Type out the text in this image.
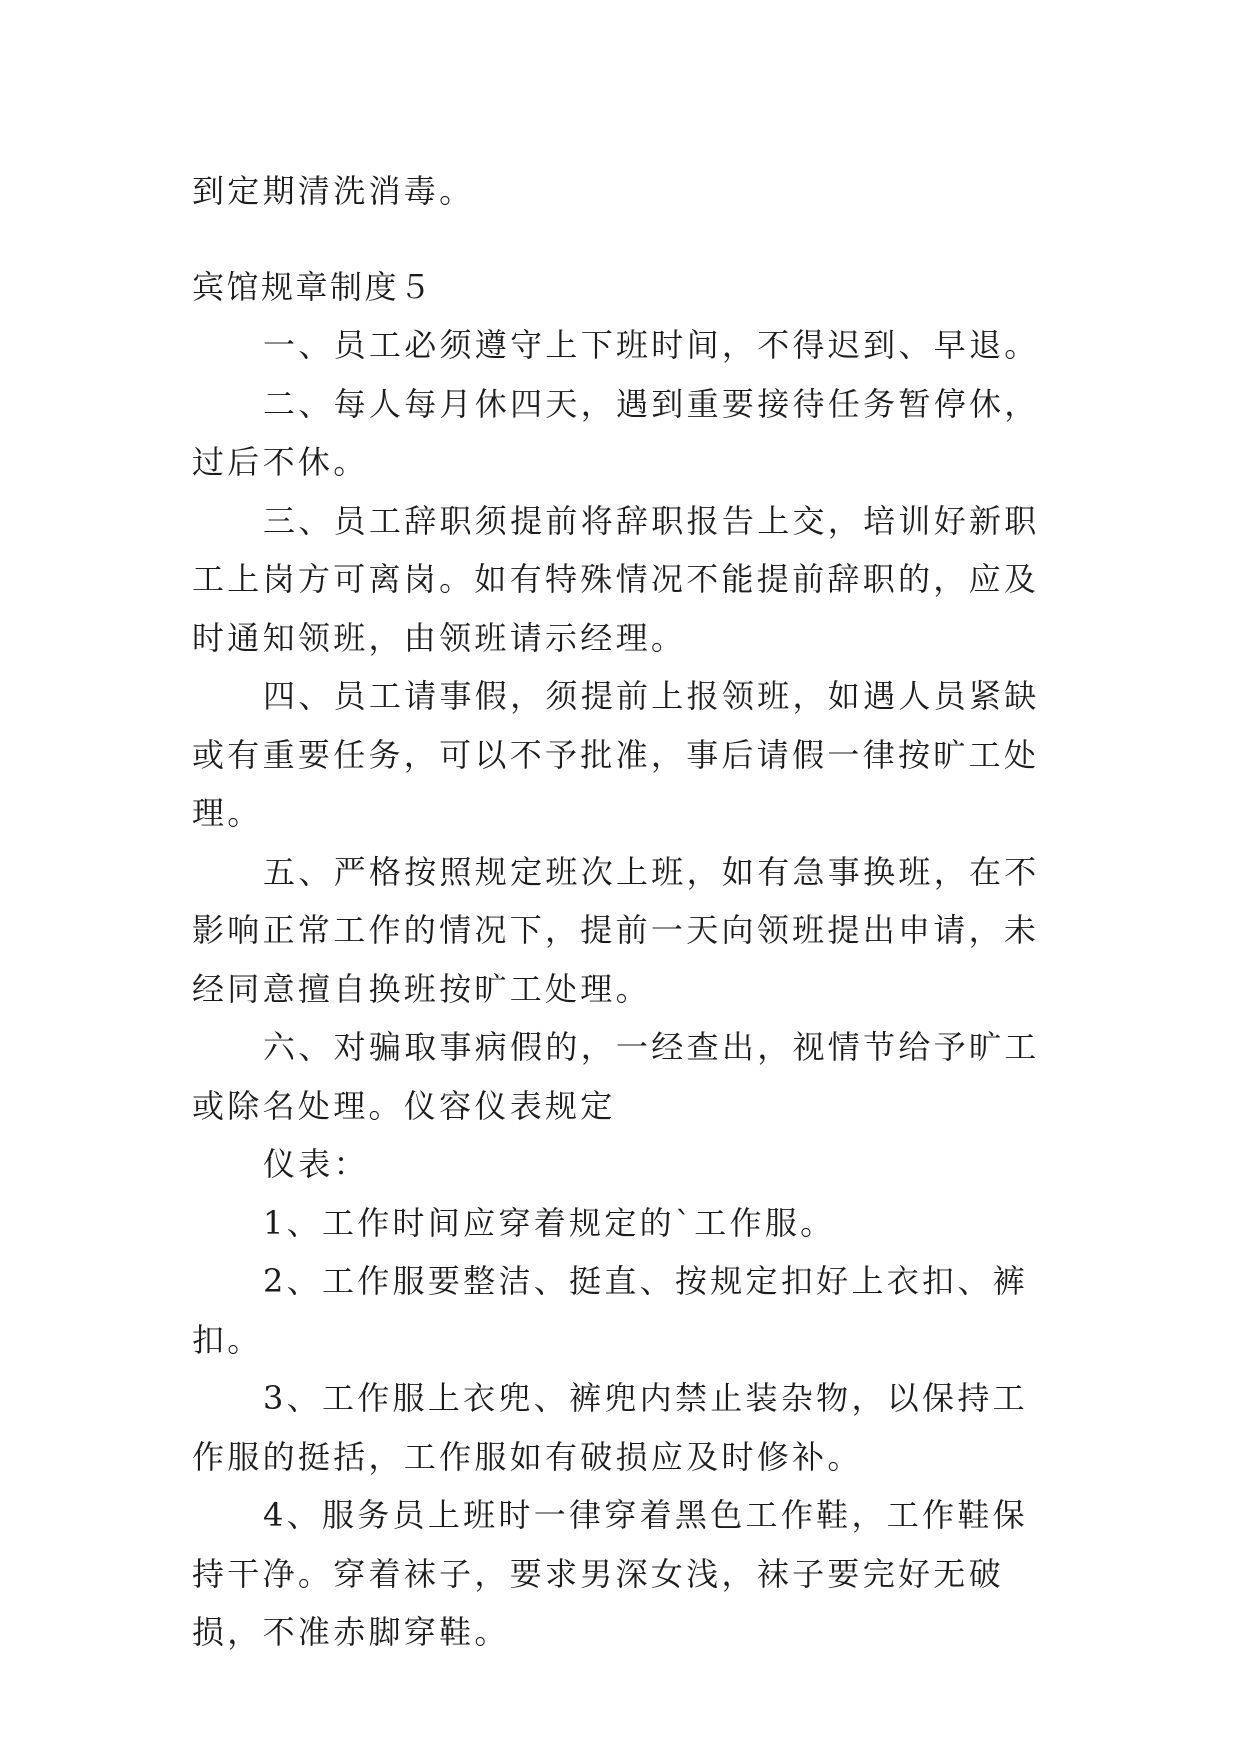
到定期清洗消毒。

宾馆规章制度５

一、员工必须遵守上下班时间，不得迟到、早退。

二、每人每月休四天，遇到重要接待任务暂停休，过后不休。

三、员工辞职须提前将辞职报告上交，培训好新职工上岗方可离岗。如有特殊情况不能提前辞职的，应及时通知领班，由领班请示经理。

四、员工请事假，须提前上报领班，如遇人员紧缺或有重要任务，可以不予批准，事后请假一律按旷工处理。

五、严格按照规定班次上班，如有急事换班，在不影响正常工作的情况下，提前一天向领班提出申请，未经同意擅自换班按旷工处理。

六、对骗取事病假的，一经查出，视情节给予旷工或除名处理。仪容仪表规定

仪表：

1、工作时间应穿着规定的`工作服。

2、工作服要整洁、挺直、按规定扣好上衣扣、裤扣。

3、工作服上衣兜、裤兜内禁止装杂物，以保持工作服的挺括，工作服如有破损应及时修补。

4、服务员上班时一律穿着黑色工作鞋，工作鞋保持干净。穿着袜子，要求男深女浅，袜子要完好无破损，不准赤脚穿鞋。
